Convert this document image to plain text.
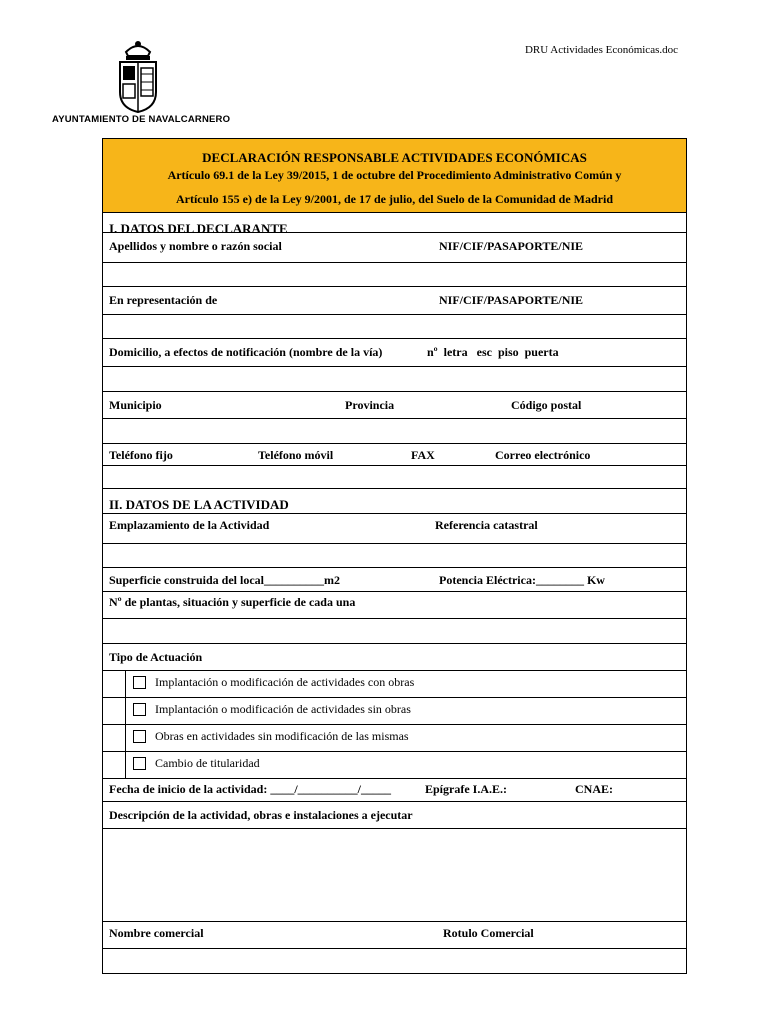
AYUNTAMIENTO DE NAVALCARNERO
DRU Actividades Económicas.doc
DECLARACIÓN RESPONSABLE ACTIVIDADES ECONÓMICAS
Artículo 69.1 de la Ley 39/2015, 1 de octubre del Procedimiento Administrativo Común y
Artículo 155 e) de la Ley 9/2001, de 17 de julio, del Suelo de la Comunidad de Madrid
I. DATOS DEL DECLARANTE
Apellidos y nombre o razón social	NIF/CIF/PASAPORTE/NIE
En representación de	NIF/CIF/PASAPORTE/NIE
Domicilio, a efectos de notificación (nombre de la vía)	nº  letra   esc  piso  puerta
Municipio	Provincia	Código postal
Teléfono fijo	Teléfono móvil	FAX	Correo electrónico
II. DATOS DE LA ACTIVIDAD
Emplazamiento de la Actividad	Referencia catastral
Superficie construida del local__________m2	Potencia Eléctrica:________ Kw
Nº de plantas, situación y superficie de cada una
Tipo de Actuación
Implantación o modificación de actividades con obras
Implantación o modificación de actividades sin obras
Obras en actividades sin modificación de las mismas
Cambio de titularidad
Fecha de inicio de la actividad: ____/__________/_____	Epígrafe I.A.E.:	CNAE:
Descripción de la actividad, obras e instalaciones a ejecutar
Nombre comercial	Rotulo Comercial
